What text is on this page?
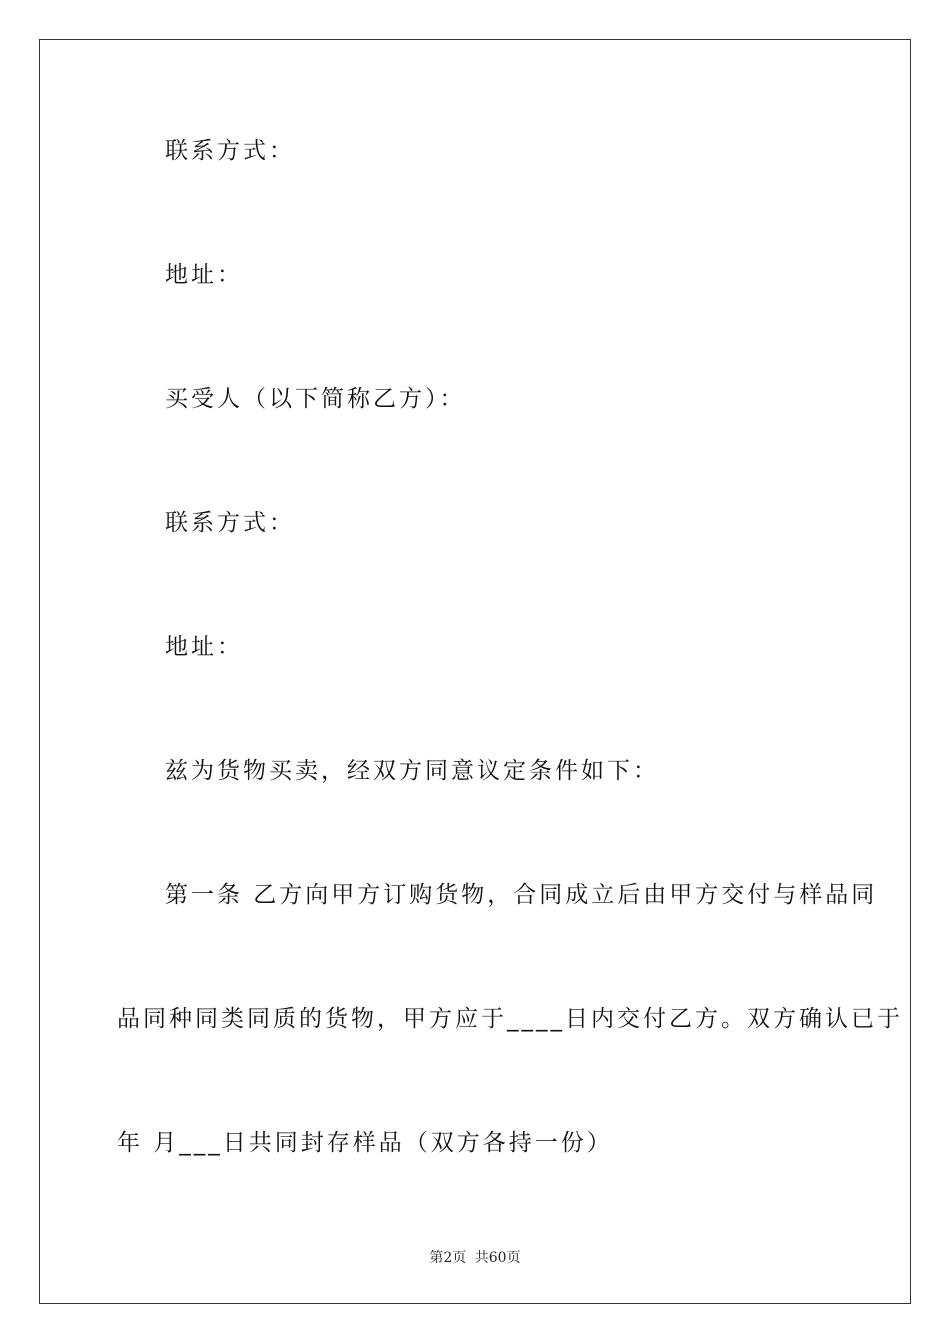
联系方式：
地址：
买受人（以下简称乙方）：
联系方式：
地址：
兹为货物买卖，经双方同意议定条件如下：
第一条 乙方向甲方订购货物，合同成立后由甲方交付与样品同
品同种同类同质的货物，甲方应于____日内交付乙方。双方确认已于
年 月___日共同封存样品（双方各持一份）
第2页 共60页
